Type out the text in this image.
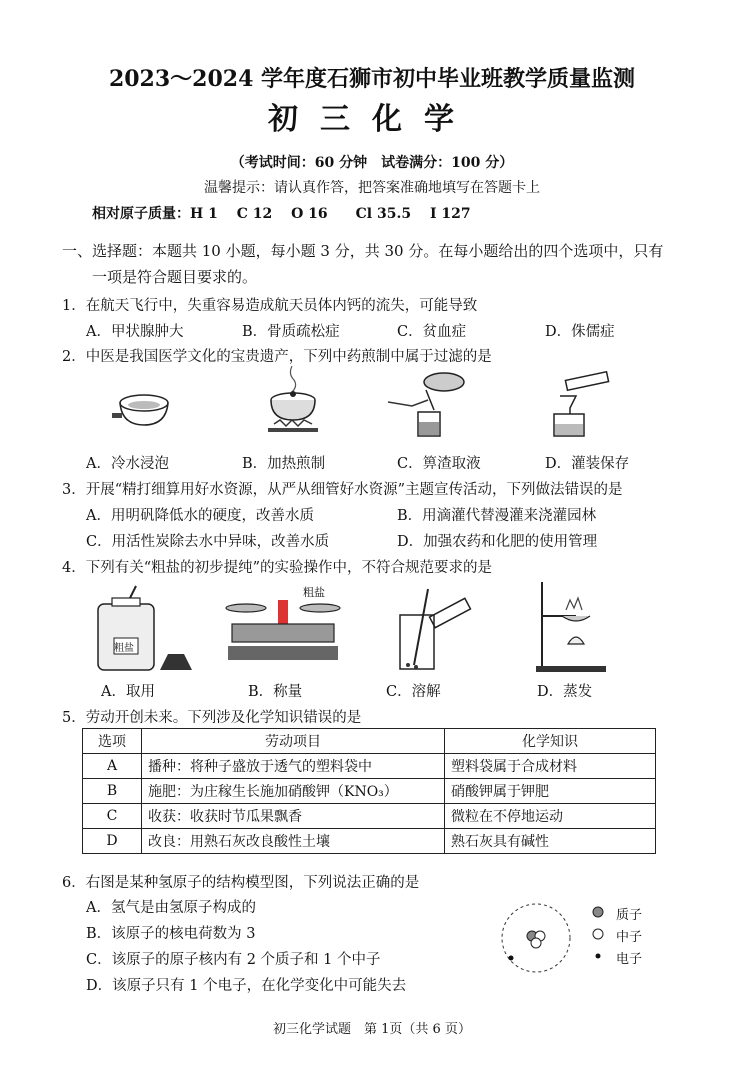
2023～2024 学年度石狮市初中毕业班教学质量监测
初三化学
（考试时间：60 分钟　试卷满分：100 分）
温馨提示：请认真作答，把答案准确地填写在答题卡上
相对原子质量：H 1　 C 12　 O 16　　Cl 35.5　 I 127
一、选择题：本题共 10 小题，每小题 3 分，共 30 分。在每小题给出的四个选项中，只有
一项是符合题目要求的。
1．在航天飞行中，失重容易造成航天员体内钙的流失，可能导致
A．甲状腺肿大	B．骨质疏松症	C．贫血症	D．侏儒症
2．中医是我国医学文化的宝贵遗产，下列中药煎制中属于过滤的是
A．冷水浸泡	B．加热煎制	C．箅渣取液	D．灌装保存
3．开展“精打细算用好水资源，从严从细管好水资源”主题宣传活动，下列做法错误的是
A．用明矾降低水的硬度，改善水质	B．用滴灌代替漫灌来浇灌园林
C．用活性炭除去水中异味，改善水质	D．加强农药和化肥的使用管理
4．下列有关“粗盐的初步提纯”的实验操作中，不符合规范要求的是
粗盐
粗盐
A．取用	B．称量	C．溶解	D．蒸发
5．劳动开创未来。下列涉及化学知识错误的是
选项	劳动项目	化学知识
A	播种：将种子盛放于透气的塑料袋中	塑料袋属于合成材料
B	施肥：为庄稼生长施加硝酸钾（KNO₃）	硝酸钾属于钾肥
C	收获：收获时节瓜果飘香	微粒在不停地运动
D	改良：用熟石灰改良酸性土壤	熟石灰具有碱性
6．右图是某种氢原子的结构模型图，下列说法正确的是
A．氢气是由氢原子构成的
B．该原子的核电荷数为 3
C．该原子的原子核内有 2 个质子和 1 个中子
D．该原子只有 1 个电子，在化学变化中可能失去
质子
中子
电子
初三化学试题　第 1页（共 6 页）
